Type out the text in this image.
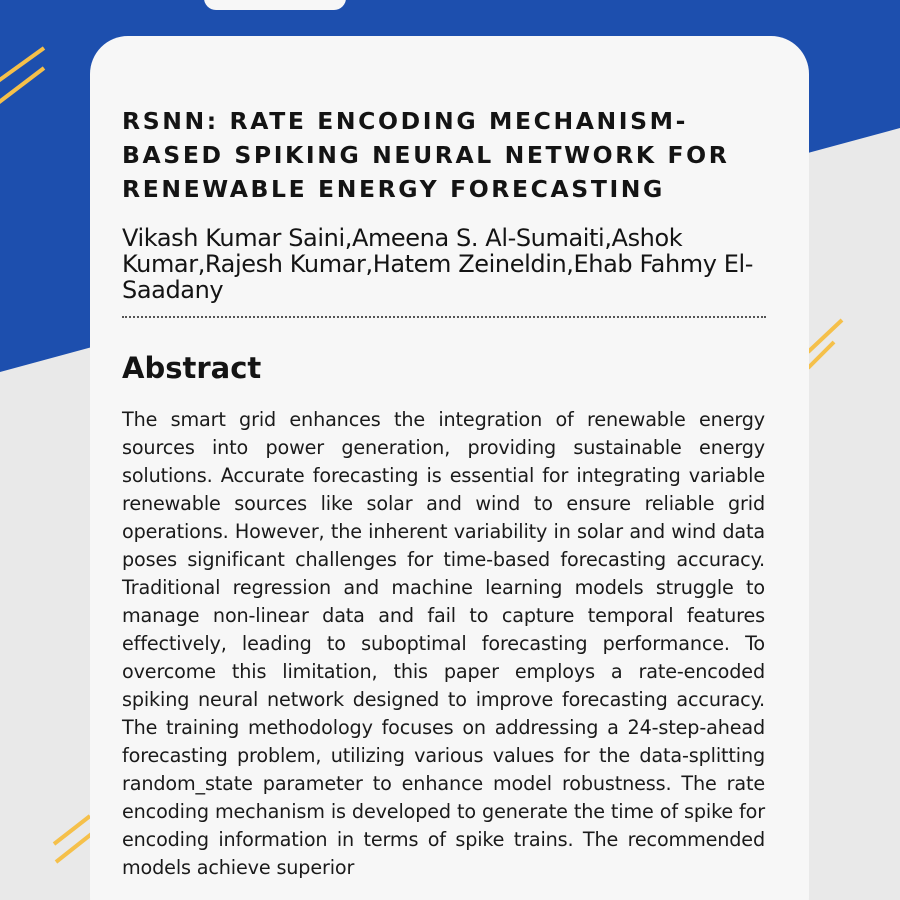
RSNN: RATE ENCODING MECHANISM-BASED SPIKING NEURAL NETWORK FOR RENEWABLE ENERGY FORECASTING
Vikash Kumar Saini,Ameena S. Al-Sumaiti,Ashok Kumar,Rajesh Kumar,Hatem Zeineldin,Ehab Fahmy El-Saadany
Abstract

The smart grid enhances the integration of renewable energy sources into power generation, providing sustainable energy solutions. Accurate forecasting is essential for integrating variable renewable sources like solar and wind to ensure reliable grid operations. However, the inherent variability in solar and wind data poses significant challenges for time-based forecasting accuracy. Traditional regression and machine learning models struggle to manage non-linear data and fail to capture temporal features effectively, leading to suboptimal forecasting performance. To overcome this limitation, this paper employs a rate-encoded spiking neural network designed to improve forecasting accuracy. The training methodology focuses on addressing a 24-step-ahead forecasting problem, utilizing various values for the data-splitting random_state parameter to enhance model robustness. The rate encoding mechanism is developed to generate the time of spike for encoding information in terms of spike trains. The recommended models achieve superior
